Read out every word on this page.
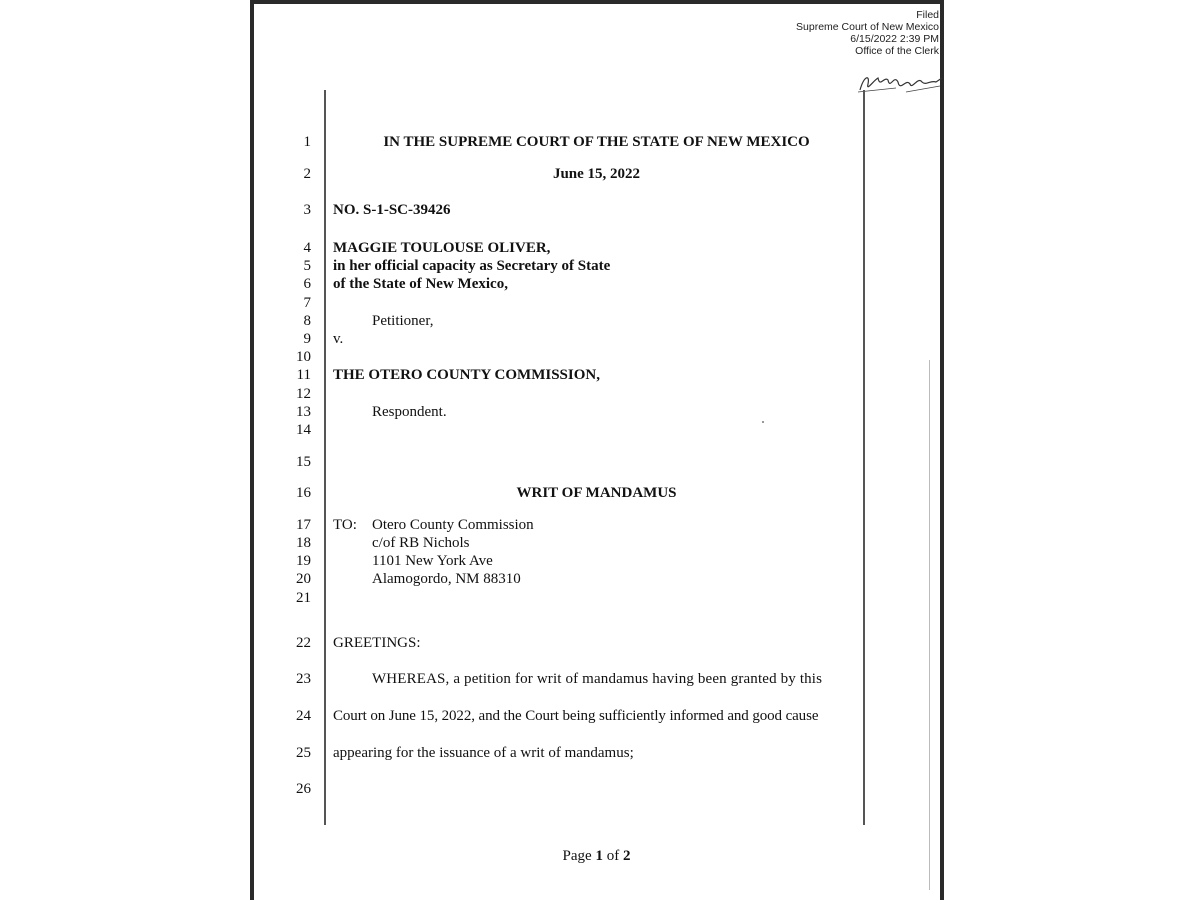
Filed
Supreme Court of New Mexico
6/15/2022 2:39 PM
Office of the Clerk
1
2
3
4
5
6
7
8
9
10
11
12
13
14
15
16
17
18
19
20
21
22
23
24
25
26
IN THE SUPREME COURT OF THE STATE OF NEW MEXICO
June 15, 2022
NO. S-1-SC-39426
MAGGIE TOULOUSE OLIVER,
in her official capacity as Secretary of State
of the State of New Mexico,
Petitioner,
v.
THE OTERO COUNTY COMMISSION,
Respondent.
WRIT OF MANDAMUS
TO: Otero County Commission
c/of RB Nichols
1101 New York Ave
Alamogordo, NM 88310
GREETINGS:
WHEREAS, a petition for writ of mandamus having been granted by this
Court on June 15, 2022, and the Court being sufficiently informed and good cause
appearing for the issuance of a writ of mandamus;
Page 1 of 2
